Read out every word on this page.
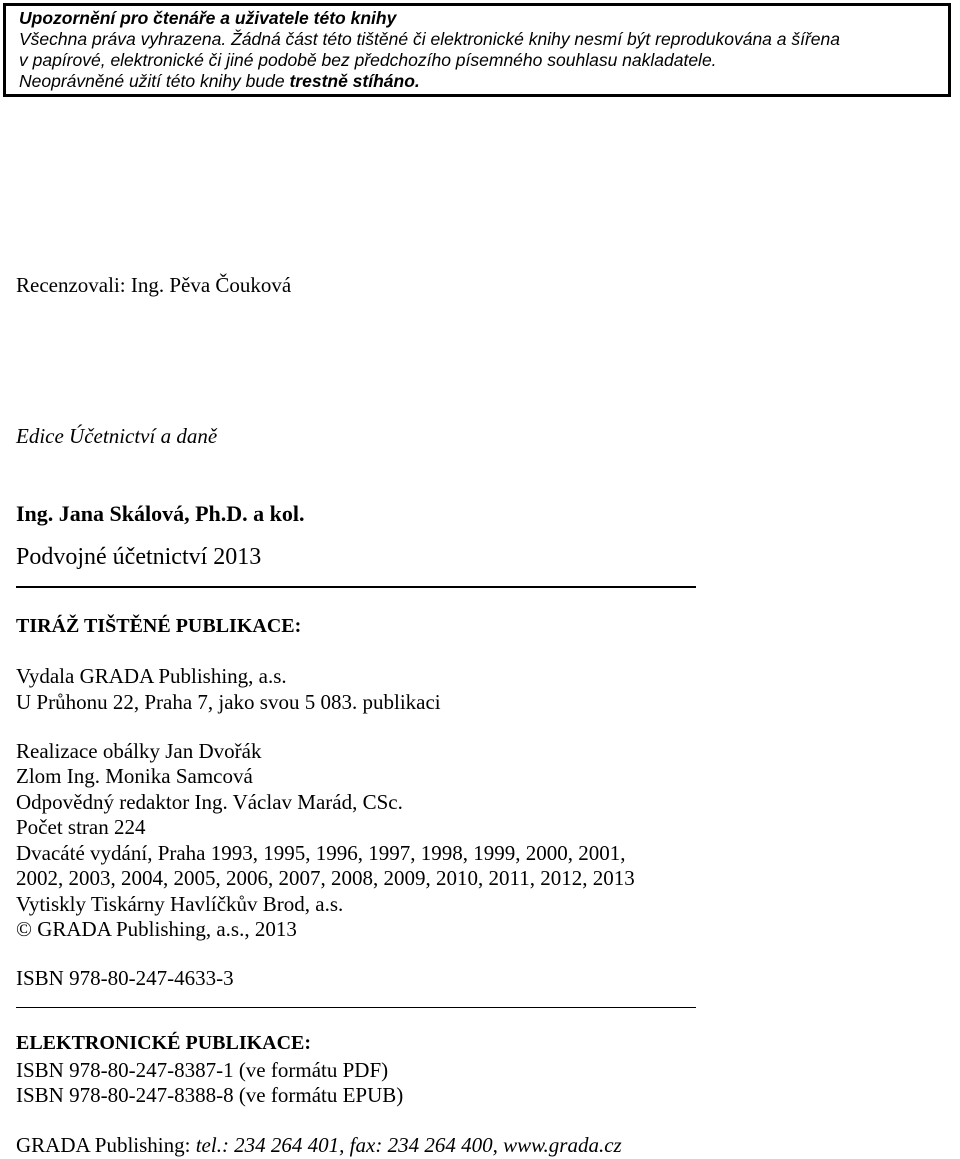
Upozornění pro čtenáře a uživatele této knihy
Všechna práva vyhrazena. Žádná část této tištěné či elektronické knihy nesmí být reprodukována a šířena
v papírové, elektronické či jiné podobě bez předchozího písemného souhlasu nakladatele.
Neoprávněné užití této knihy bude trestně stíháno.
Recenzovali: Ing. Pěva Čouková
Edice Účetnictví a daně
Ing. Jana Skálová, Ph.D. a kol.
Podvojné účetnictví 2013
TIRÁŽ TIŠTĚNÉ PUBLIKACE:
Vydala GRADA Publishing, a.s.
U Průhonu 22, Praha 7, jako svou 5 083. publikaci
Realizace obálky Jan Dvořák
Zlom Ing. Monika Samcová
Odpovědný redaktor Ing. Václav Marád, CSc.
Počet stran 224
Dvacáté vydání, Praha 1993, 1995, 1996, 1997, 1998, 1999, 2000, 2001,
2002, 2003, 2004, 2005, 2006, 2007, 2008, 2009, 2010, 2011, 2012, 2013
Vytiskly Tiskárny Havlíčkův Brod, a.s.
© GRADA Publishing, a.s., 2013
ISBN 978-80-247-4633-3
ELEKTRONICKÉ PUBLIKACE:
ISBN 978-80-247-8387-1 (ve formátu PDF)
ISBN 978-80-247-8388-8 (ve formátu EPUB)
GRADA Publishing: tel.: 234 264 401, fax: 234 264 400, www.grada.cz
